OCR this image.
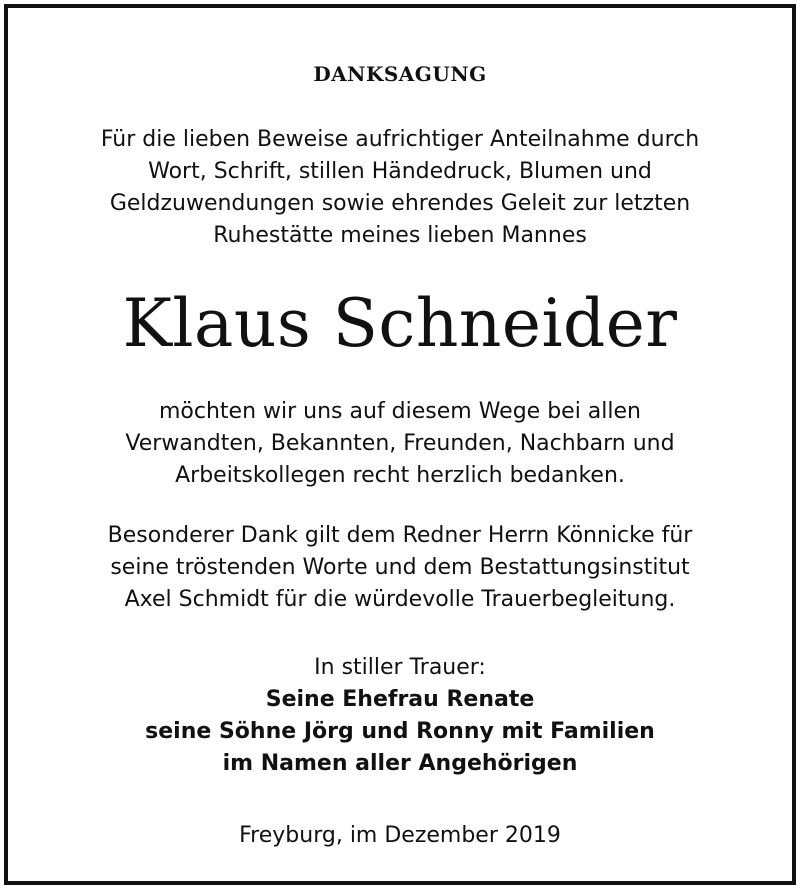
DANKSAGUNG
Für die lieben Beweise aufrichtiger Anteilnahme durch
Wort, Schrift, stillen Händedruck, Blumen und
Geldzuwendungen sowie ehrendes Geleit zur letzten
Ruhestätte meines lieben Mannes
Klaus Schneider
möchten wir uns auf diesem Wege bei allen
Verwandten, Bekannten, Freunden, Nachbarn und
Arbeitskollegen recht herzlich bedanken.
Besonderer Dank gilt dem Redner Herrn Könnicke für
seine tröstenden Worte und dem Bestattungsinstitut
Axel Schmidt für die würdevolle Trauerbegleitung.
In stiller Trauer:
Seine Ehefrau Renate
seine Söhne Jörg und Ronny mit Familien
im Namen aller Angehörigen
Freyburg, im Dezember 2019
